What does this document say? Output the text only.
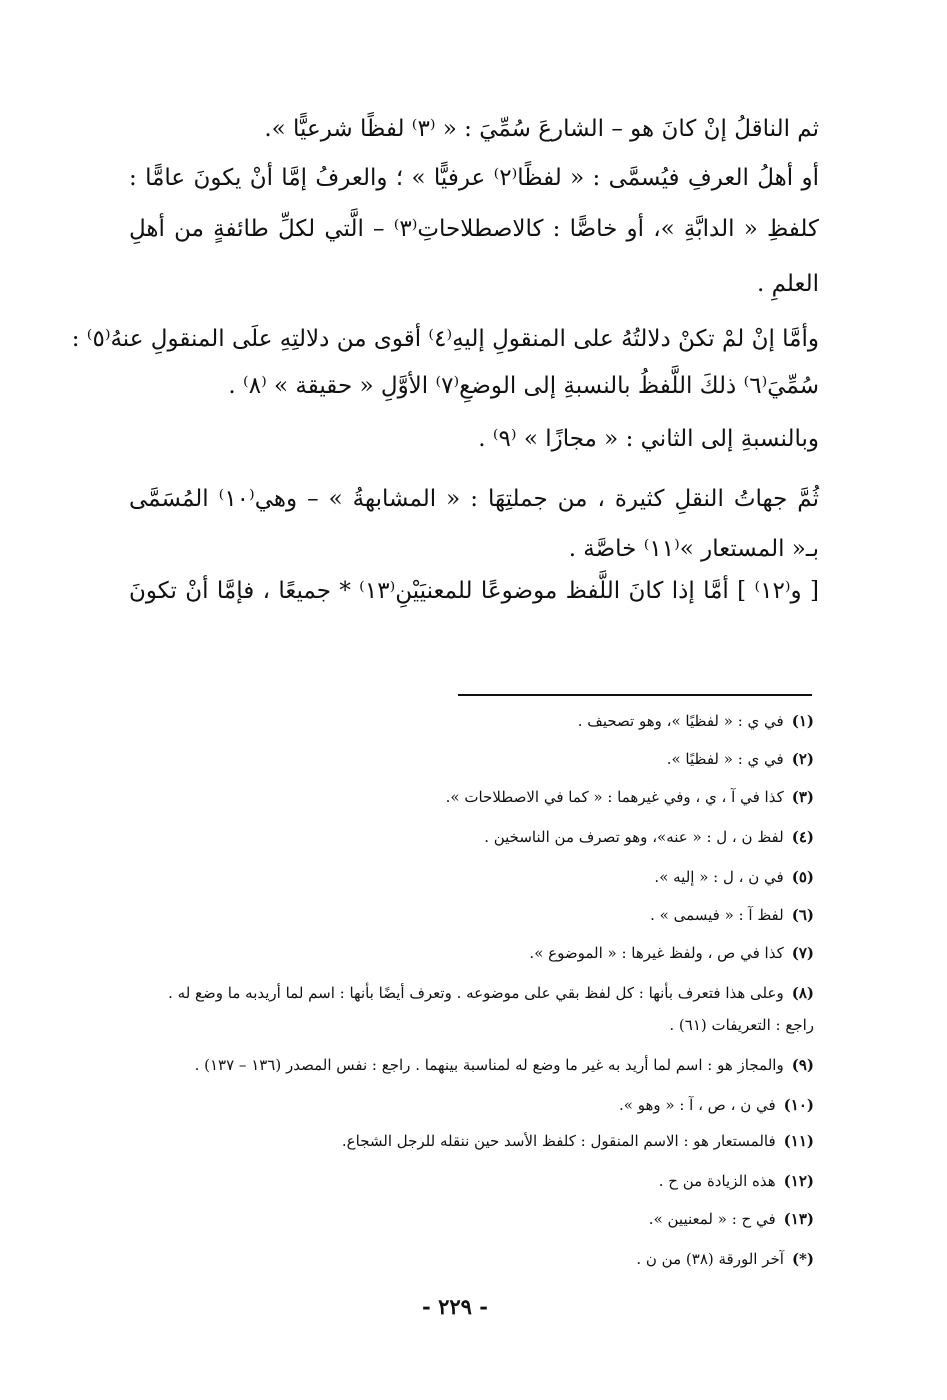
ثم الناقلُ إنْ كانَ هو – الشارعَ سُمِّيَ : « ⁽٣⁾ لفظًا شرعيًّا ».
أو أهلُ العرفِ فيُسمَّى : « لفظًا⁽٢⁾ عرفيًّا » ؛ والعرفُ إمَّا أنْ يكونَ عامًّا :
كلفظِ « الدابَّةِ »، أو خاصًّا : كالاصطلاحاتِ⁽٣⁾ – الَّتي لكلِّ طائفةٍ من أهلِ
العلمِ .
وأمَّا إنْ لمْ تكنْ دلالتُهُ على المنقولِ إليهِ⁽٤⁾ أقوى من دلالتِهِ علَى المنقولِ عنهُ⁽٥⁾ :
سُمِّيَ⁽٦⁾ ذلكَ اللَّفظُ بالنسبةِ إلى الوضعِ⁽٧⁾ الأوَّلِ « حقيقة » ⁽٨⁾ .
وبالنسبةِ إلى الثاني : « مجازًا » ⁽٩⁾ .
ثُمَّ جهاتُ النقلِ كثيرة ، من جملتِهَا : « المشابهةُ » – وهي⁽١٠⁾ المُسَمَّى
بـ« المستعار »⁽١١⁾ خاصَّة .
[ و⁽١٢⁾ ] أمَّا إذا كانَ اللَّفظ موضوعًا للمعنيَيْنِ⁽١٣⁾ * جميعًا ، فإمَّا أنْ تكونَ
(١)في ي : « لفظيًا »، وهو تصحيف .
(٢)في ي : « لفظيًا ».
(٣)كذا في آ ، ي ، وفي غيرهما : « كما في الاصطلاحات ».
(٤)لفظ ن ، ل : « عنه»، وهو تصرف من الناسخين .
(٥)في ن ، ل : « إليه ».
(٦)لفظ آ : « فيسمى » .
(٧)كذا في ص ، ولفظ غيرها : « الموضوع ».
(٨)وعلى هذا فتعرف بأنها : كل لفظ بقي على موضوعه . وتعرف أيضًا بأنها : اسم لما أريدبه ما وضع له .
راجع : التعريفات (٦١) .
(٩)والمجاز هو : اسم لما أريد به غير ما وضع له لمناسبة بينهما . راجع : نفس المصدر (١٣٦ – ١٣٧) .
(١٠)في ن ، ص ، آ : « وهو ».
(١١)فالمستعار هو : الاسم المنقول : كلفظ الأسد حين ننقله للرجل الشجاع.
(١٢)هذه الزيادة من ح .
(١٣)في ح : « لمعنيين ».
(*)آخر الورقة (٣٨) من ن .
- ٢٢٩ -
